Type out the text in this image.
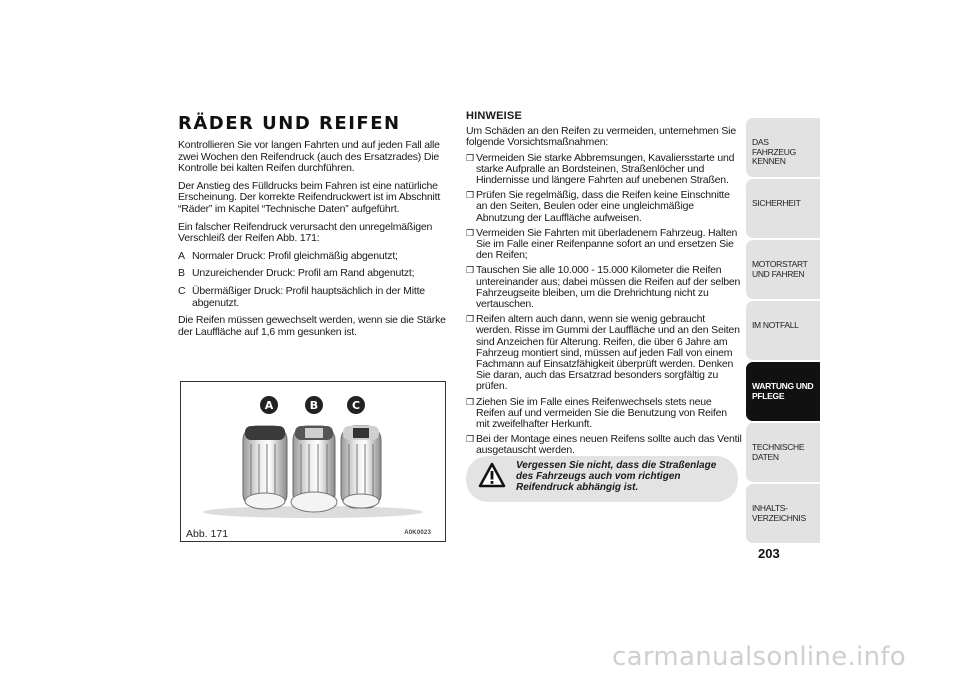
RÄDER UND REIFEN

Kontrollieren Sie vor langen Fahrten und auf jeden Fall alle zwei Wochen den Reifendruck (auch des Ersatzrades) Die Kontrolle bei kalten Reifen durchführen.

Der Anstieg des Fülldrucks beim Fahren ist eine natürliche Erscheinung. Der korrekte Reifendruckwert ist im Abschnitt “Räder” im Kapitel “Technische Daten” aufgeführt.

Ein falscher Reifendruck verursacht den unregelmäßigen Verschleiß der Reifen Abb. 171:

A Normaler Druck: Profil gleichmäßig abgenutzt;
B Unzureichender Druck: Profil am Rand abgenutzt;
C Übermäßiger Druck: Profil hauptsächlich in der Mitte abgenutzt.

Die Reifen müssen gewechselt werden, wenn sie die Stärke der Lauffläche auf 1,6 mm gesunken ist.

A	B	C
Abb. 171	A0K0023
HINWEISE
Um Schäden an den Reifen zu vermeiden, unternehmen Sie folgende Vorsichtsmaßnahmen:
❒ Vermeiden Sie starke Abbremsungen, Kavaliersstarte und starke Aufpralle an Bordsteinen, Straßenlöcher und Hindernisse und längere Fahrten auf unebenen Straßen.
❒ Prüfen Sie regelmäßig, dass die Reifen keine Einschnitte an den Seiten, Beulen oder eine ungleichmäßige Abnutzung der Lauffläche aufweisen.
❒ Vermeiden Sie Fahrten mit überladenem Fahrzeug. Halten Sie im Falle einer Reifenpanne sofort an und ersetzen Sie den Reifen;
❒ Tauschen Sie alle 10.000 - 15.000 Kilometer die Reifen untereinander aus; dabei müssen die Reifen auf der selben Fahrzeugseite bleiben, um die Drehrichtung nicht zu vertauschen.
❒ Reifen altern auch dann, wenn sie wenig gebraucht werden. Risse im Gummi der Lauffläche und an den Seiten sind Anzeichen für Alterung. Reifen, die über 6 Jahre am Fahrzeug montiert sind, müssen auf jeden Fall von einem Fachmann auf Einsatzfähigkeit überprüft werden. Denken Sie daran, auch das Ersatzrad besonders sorgfältig zu prüfen.
❒ Ziehen Sie im Falle eines Reifenwechsels stets neue Reifen auf und vermeiden Sie die Benutzung von Reifen mit zweifelhafter Herkunft.
❒ Bei der Montage eines neuen Reifens sollte auch das Ventil ausgetauscht werden.
Vergessen Sie nicht, dass die Straßenlage des Fahrzeugs auch vom richtigen Reifendruck abhängig ist.
DAS FAHRZEUG KENNEN
SICHERHEIT
MOTORSTART UND FAHREN
IM NOTFALL
WARTUNG UND PFLEGE
TECHNISCHE DATEN
INHALTS- VERZEICHNIS
203
carmanualsonline.info
